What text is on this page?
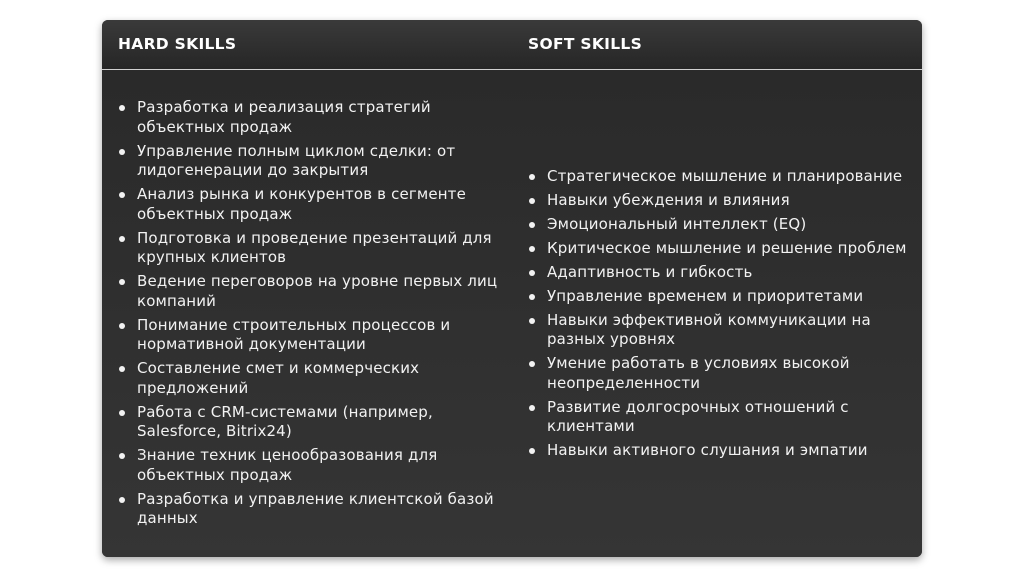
HARD SKILLS	SOFT SKILLS
Разработка и реализация стратегий объектных продаж
Управление полным циклом сделки: от лидогенерации до закрытия
Анализ рынка и конкурентов в сегменте объектных продаж
Подготовка и проведение презентаций для крупных клиентов
Ведение переговоров на уровне первых лиц компаний
Понимание строительных процессов и нормативной документации
Составление смет и коммерческих предложений
Работа с CRM-системами (например, Salesforce, Bitrix24)
Знание техник ценообразования для объектных продаж
Разработка и управление клиентской базой данных
Стратегическое мышление и планирование
Навыки убеждения и влияния
Эмоциональный интеллект (EQ)
Критическое мышление и решение проблем
Адаптивность и гибкость
Управление временем и приоритетами
Навыки эффективной коммуникации на разных уровнях
Умение работать в условиях высокой неопределенности
Развитие долгосрочных отношений с клиентами
Навыки активного слушания и эмпатии
